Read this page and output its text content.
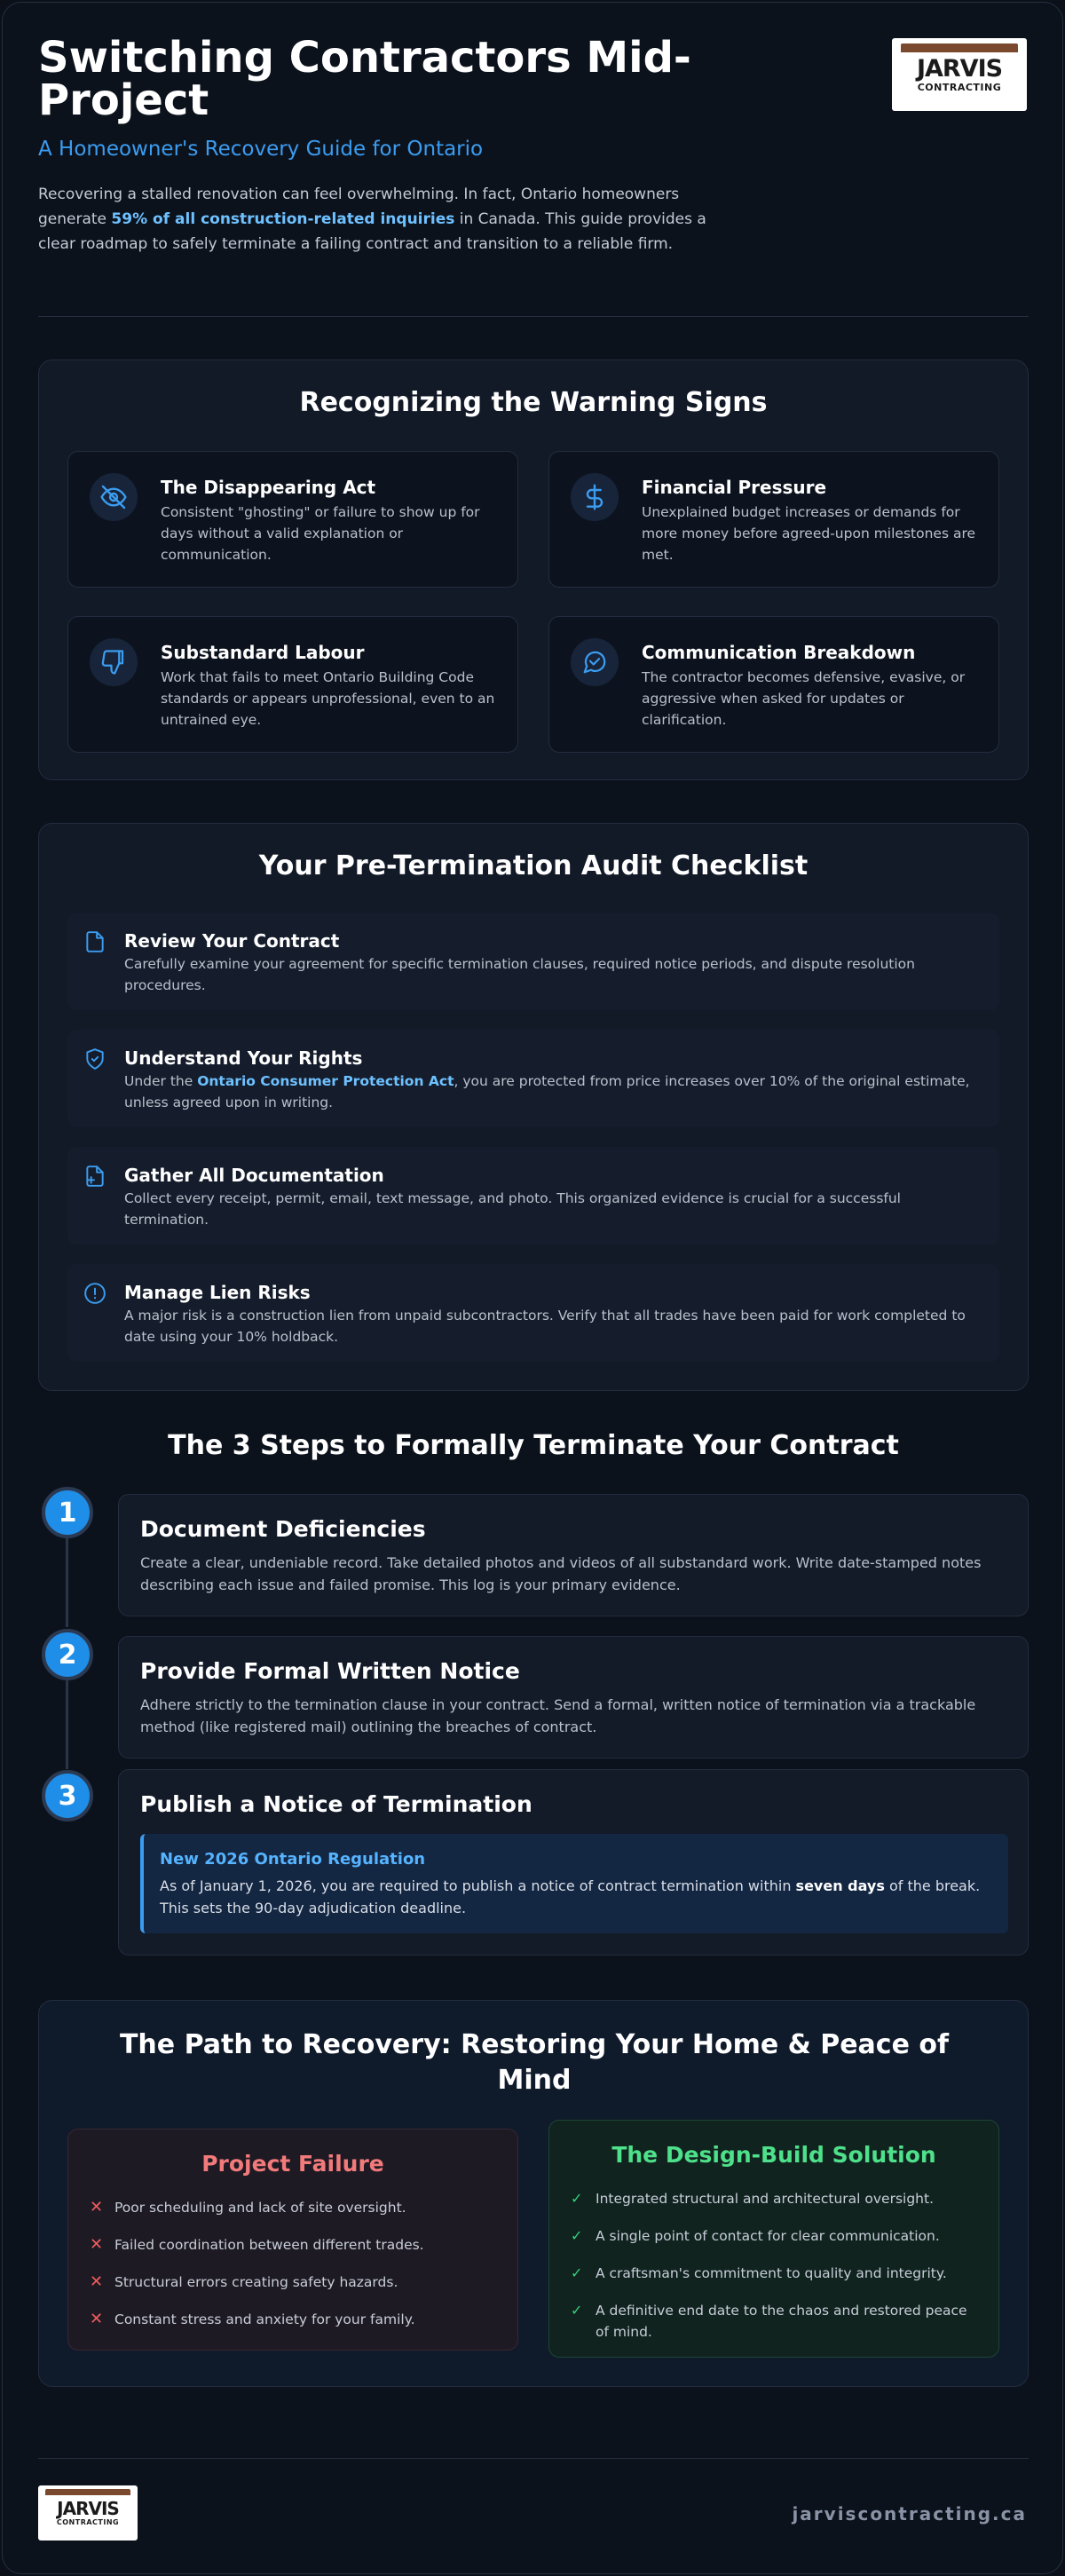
Switching Contractors Mid-Project
A Homeowner's Recovery Guide for Ontario

Recovering a stalled renovation can feel overwhelming. In fact, Ontario homeowners generate 59% of all construction-related inquiries in Canada. This guide provides a clear roadmap to safely terminate a failing contract and transition to a reliable firm.

JARVIS
CONTRACTING
Recognizing the Warning Signs
The Disappearing Act
Consistent "ghosting" or failure to show up for days without a valid explanation or communication.
Financial Pressure
Unexplained budget increases or demands for more money before agreed-upon milestones are met.
Substandard Labour
Work that fails to meet Ontario Building Code standards or appears unprofessional, even to an untrained eye.
Communication Breakdown
The contractor becomes defensive, evasive, or aggressive when asked for updates or clarification.
Your Pre-Termination Audit Checklist
Review Your Contract
Carefully examine your agreement for specific termination clauses, required notice periods, and dispute resolution procedures.
Understand Your Rights
Under the Ontario Consumer Protection Act, you are protected from price increases over 10% of the original estimate, unless agreed upon in writing.
Gather All Documentation
Collect every receipt, permit, email, text message, and photo. This organized evidence is crucial for a successful termination.
Manage Lien Risks
A major risk is a construction lien from unpaid subcontractors. Verify that all trades have been paid for work completed to date using your 10% holdback.
The 3 Steps to Formally Terminate Your Contract
1
Document Deficiencies
Create a clear, undeniable record. Take detailed photos and videos of all substandard work. Write date-stamped notes describing each issue and failed promise. This log is your primary evidence.
2
Provide Formal Written Notice
Adhere strictly to the termination clause in your contract. Send a formal, written notice of termination via a trackable method (like registered mail) outlining the breaches of contract.
3	Publish a Notice of Termination
New 2026 Ontario Regulation
As of January 1, 2026, you are required to publish a notice of contract termination within seven days of the break. This sets the 90-day adjudication deadline.
The Path to Recovery: Restoring Your Home & Peace of Mind
Project Failure
✕ Poor scheduling and lack of site oversight.
✕ Failed coordination between different trades.
✕ Structural errors creating safety hazards.
✕ Constant stress and anxiety for your family.
The Design-Build Solution
✓ Integrated structural and architectural oversight.
✓ A single point of contact for clear communication.
✓ A craftsman's commitment to quality and integrity.
✓ A definitive end date to the chaos and restored peace of mind.
JARVIS
CONTRACTING	jarviscontracting.ca
